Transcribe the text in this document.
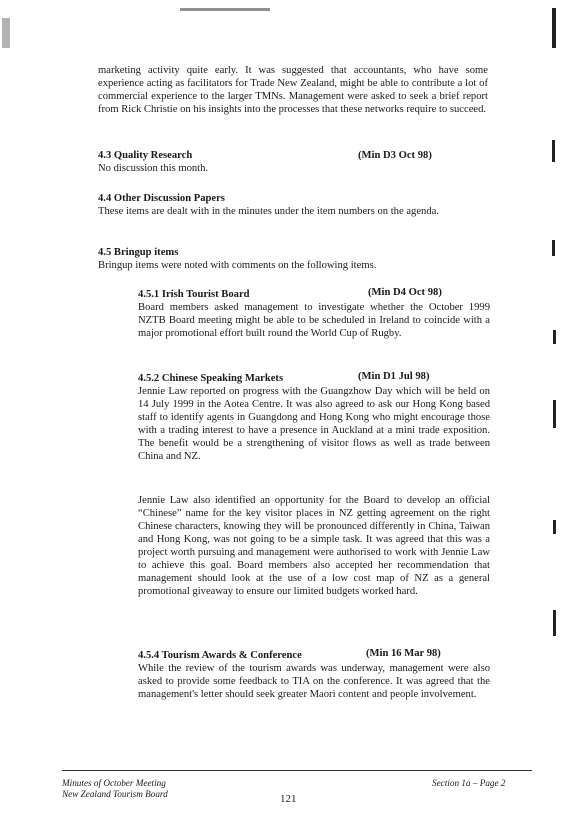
marketing activity quite early. It was suggested that accountants, who have some experience acting as facilitators for Trade New Zealand, might be able to contribute a lot of commercial experience to the larger TMNs. Management were asked to seek a brief report from Rick Christie on his insights into the processes that these networks require to succeed.

4.3 Quality Research	(Min D3 Oct 98)

No discussion this month.

4.4 Other Discussion Papers

These items are dealt with in the minutes under the item numbers on the agenda.

4.5 Bringup items

Bringup items were noted with comments on the following items.

4.5.1 Irish Tourist Board	(Min D4 Oct 98)

Board members asked management to investigate whether the October 1999 NZTB Board meeting might be able to be scheduled in Ireland to coincide with a major promotional effort built round the World Cup of Rugby.

4.5.2 Chinese Speaking Markets	(Min D1 Jul 98)

Jennie Law reported on progress with the Guangzhow Day which will be held on 14 July 1999 in the Aotea Centre. It was also agreed to ask our Hong Kong based staff to identify agents in Guangdong and Hong Kong who might encourage those with a trading interest to have a presence in Auckland at a mini trade exposition. The benefit would be a strengthening of visitor flows as well as trade between China and NZ.

Jennie Law also identified an opportunity for the Board to develop an official “Chinese” name for the key visitor places in NZ getting agreement on the right Chinese characters, knowing they will be pronounced differently in China, Taiwan and Hong Kong, was not going to be a simple task. It was agreed that this was a project worth pursuing and management were authorised to work with Jennie Law to achieve this goal. Board members also accepted her recommendation that management should look at the use of a low cost map of NZ as a general promotional giveaway to ensure our limited budgets worked hard.

4.5.4 Tourism Awards & Conference	(Min 16 Mar 98)

While the review of the tourism awards was underway, management were also asked to provide some feedback to TIA on the conference. It was agreed that the management's letter should seek greater Maori content and people involvement.

Minutes of October Meeting
New Zealand Tourism Board
Section 1a – Page 2
121
